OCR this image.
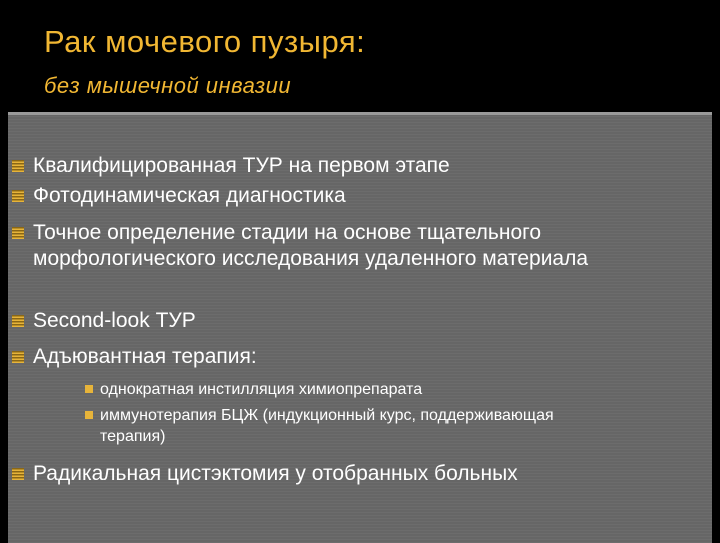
Рак мочевого пузыря:
без мышечной инвазии
Квалифицированная ТУР на первом этапе
Фотодинамическая диагностика
Точное определение стадии на основе тщательного морфологического исследования удаленного материала
Second-look ТУР
Адъювантная терапия:
однократная инстилляция химиопрепарата
иммунотерапия БЦЖ (индукционный курс, поддерживающая терапия)
Радикальная цистэктомия у отобранных больных
